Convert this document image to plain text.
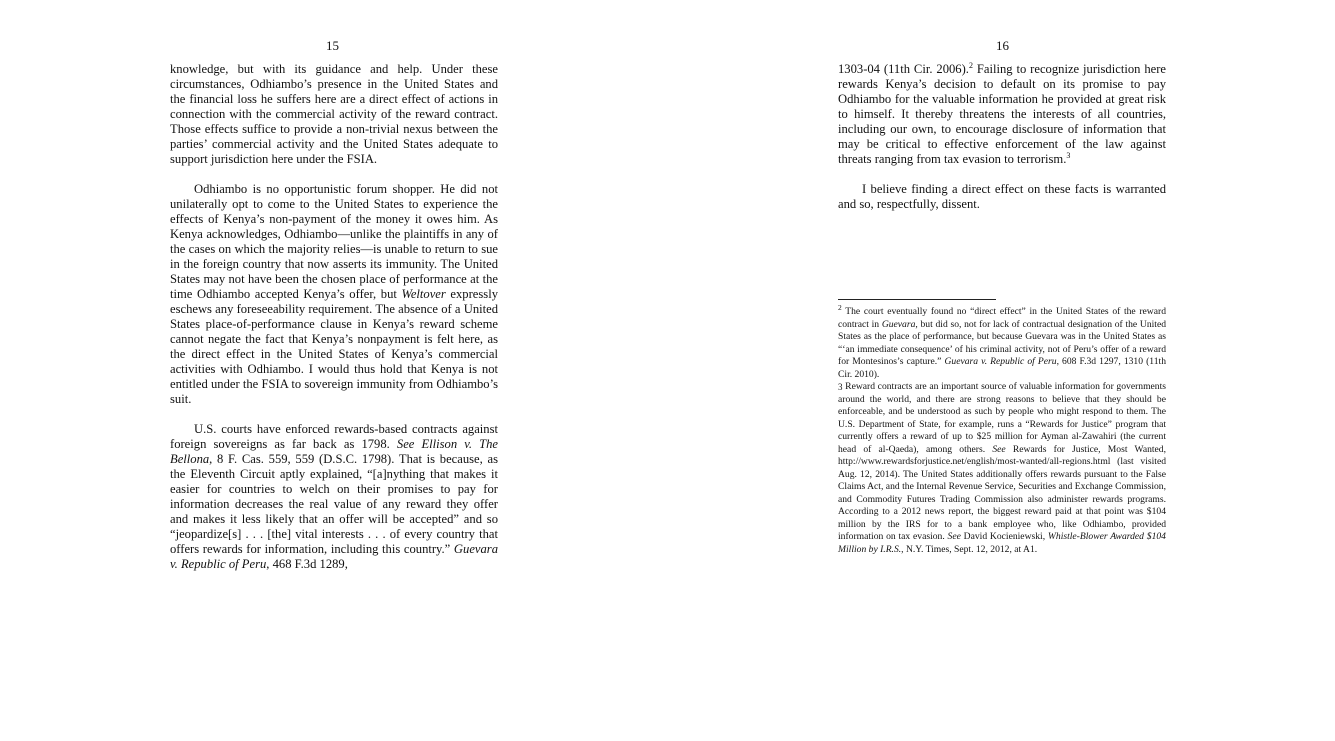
15

knowledge, but with its guidance and help. Under these circumstances, Odhiambo’s presence in the United States and the financial loss he suffers here are a direct effect of actions in connection with the commercial activity of the reward contract. Those effects suffice to provide a non-trivial nexus between the parties’ commercial activity and the United States adequate to support jurisdiction here under the FSIA.

Odhiambo is no opportunistic forum shopper. He did not unilaterally opt to come to the United States to experience the effects of Kenya’s non-payment of the money it owes him. As Kenya acknowledges, Odhiambo—unlike the plaintiffs in any of the cases on which the majority relies—is unable to return to sue in the foreign country that now asserts its immunity. The United States may not have been the chosen place of performance at the time Odhiambo accepted Kenya’s offer, but Weltover expressly eschews any foreseeability requirement. The absence of a United States place-of-performance clause in Kenya’s reward scheme cannot negate the fact that Kenya’s nonpayment is felt here, as the direct effect in the United States of Kenya’s commercial activities with Odhiambo. I would thus hold that Kenya is not entitled under the FSIA to sovereign immunity from Odhiambo’s suit.

U.S. courts have enforced rewards-based contracts against foreign sovereigns as far back as 1798. See Ellison v. The Bellona, 8 F. Cas. 559, 559 (D.S.C. 1798). That is because, as the Eleventh Circuit aptly explained, “[a]nything that makes it easier for countries to welch on their promises to pay for information decreases the real value of any reward they offer and makes it less likely that an offer will be accepted” and so “jeopardize[s] . . . [the] vital interests . . . of every country that offers rewards for information, including this country.” Guevara v. Republic of Peru, 468 F.3d 1289,

16

1303-04 (11th Cir. 2006).$^2$ Failing to recognize jurisdiction here rewards Kenya’s decision to default on its promise to pay Odhiambo for the valuable information he provided at great risk to himself. It thereby threatens the interests of all countries, including our own, to encourage disclosure of information that may be critical to effective enforcement of the law against threats ranging from tax evasion to terrorism.$^3$

I believe finding a direct effect on these facts is warranted and so, respectfully, dissent.

$^2$ The court eventually found no “direct effect” in the United States of the reward contract in Guevara, but did so, not for lack of contractual designation of the United States as the place of performance, but because Guevara was in the United States as “‘an immediate consequence’ of his criminal activity, not of Peru’s offer of a reward for Montesinos’s capture.” Guevara v. Republic of Peru, 608 F.3d 1297, 1310 (11th Cir. 2010).

$^3$ Reward contracts are an important source of valuable information for governments around the world, and there are strong reasons to believe that they should be enforceable, and be understood as such by people who might respond to them. The U.S. Department of State, for example, runs a “Rewards for Justice” program that currently offers a reward of up to $25 million for Ayman al-Zawahiri (the current head of al-Qaeda), among others. See Rewards for Justice, Most Wanted, http://www.rewardsforjustice.net/english/most-wanted/all-regions.html (last visited Aug. 12, 2014). The United States additionally offers rewards pursuant to the False Claims Act, and the Internal Revenue Service, Securities and Exchange Commission, and Commodity Futures Trading Commission also administer rewards programs. According to a 2012 news report, the biggest reward paid at that point was $104 million by the IRS for to a bank employee who, like Odhiambo, provided information on tax evasion. See David Kocieniewski, Whistle-Blower Awarded $104 Million by I.R.S., N.Y. Times, Sept. 12, 2012, at A1.
